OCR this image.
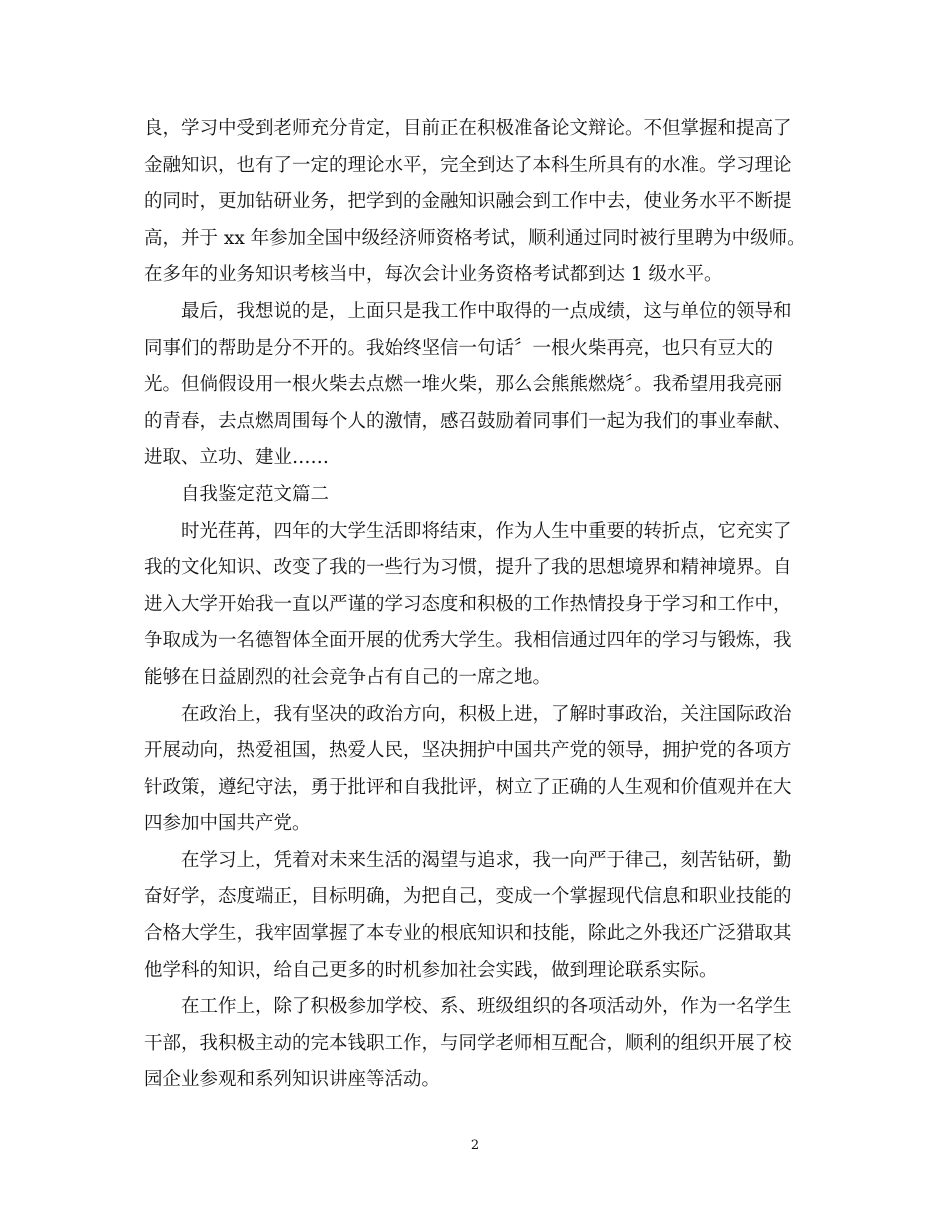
良，学习中受到老师充分肯定，目前正在积极准备论文辩论。不但掌握和提高了
金融知识，也有了一定的理论水平，完全到达了本科生所具有的水准。学习理论
的同时，更加钻研业务，把学到的金融知识融会到工作中去，使业务水平不断提
高，并于 xx 年参加全国中级经济师资格考试，顺利通过同时被行里聘为中级师。
在多年的业务知识考核当中，每次会计业务资格考试都到达 1 级水平。
最后，我想说的是，上面只是我工作中取得的一点成绩，这与单位的领导和
同事们的帮助是分不开的。我始终坚信一句话〞一根火柴再亮，也只有豆大的
光。但倘假设用一根火柴去点燃一堆火柴，那么会熊熊燃烧〞。我希望用我亮丽
的青春，去点燃周围每个人的激情，感召鼓励着同事们一起为我们的事业奉献、
进取、立功、建业……
自我鉴定范文篇二
时光荏苒，四年的大学生活即将结束，作为人生中重要的转折点，它充实了
我的文化知识、改变了我的一些行为习惯，提升了我的思想境界和精神境界。自
进入大学开始我一直以严谨的学习态度和积极的工作热情投身于学习和工作中，
争取成为一名德智体全面开展的优秀大学生。我相信通过四年的学习与锻炼，我
能够在日益剧烈的社会竞争占有自己的一席之地。
在政治上，我有坚决的政治方向，积极上进，了解时事政治，关注国际政治
开展动向，热爱祖国，热爱人民，坚决拥护中国共产党的领导，拥护党的各项方
针政策，遵纪守法，勇于批评和自我批评，树立了正确的人生观和价值观并在大
四参加中国共产党。
在学习上，凭着对未来生活的渴望与追求，我一向严于律己，刻苦钻研，勤
奋好学，态度端正，目标明确，为把自己，变成一个掌握现代信息和职业技能的
合格大学生，我牢固掌握了本专业的根底知识和技能，除此之外我还广泛猎取其
他学科的知识，给自己更多的时机参加社会实践，做到理论联系实际。
在工作上，除了积极参加学校、系、班级组织的各项活动外，作为一名学生
干部，我积极主动的完本钱职工作，与同学老师相互配合，顺利的组织开展了校
园企业参观和系列知识讲座等活动。
2
